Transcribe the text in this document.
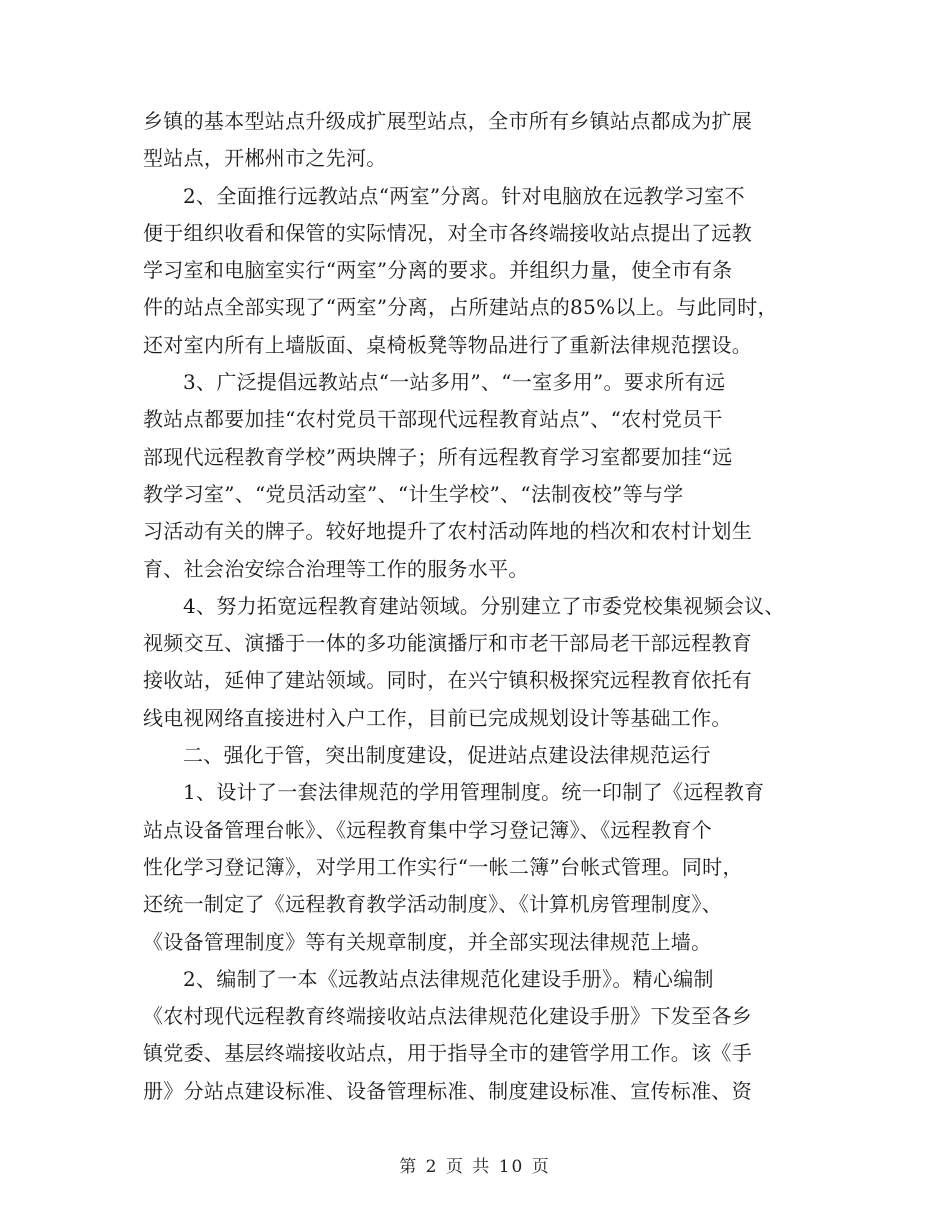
乡镇的基本型站点升级成扩展型站点，全市所有乡镇站点都成为扩展
型站点，开郴州市之先河。
2、全面推行远教站点“两室”分离。针对电脑放在远教学习室不
便于组织收看和保管的实际情况，对全市各终端接收站点提出了远教
学习室和电脑室实行“两室”分离的要求。并组织力量，使全市有条
件的站点全部实现了“两室”分离，占所建站点的85%以上。与此同时，
还对室内所有上墙版面、桌椅板凳等物品进行了重新法律规范摆设。
3、广泛提倡远教站点“一站多用”、“一室多用”。要求所有远
教站点都要加挂“农村党员干部现代远程教育站点”、“农村党员干
部现代远程教育学校”两块牌子；所有远程教育学习室都要加挂“远
教学习室”、“党员活动室”、“计生学校”、“法制夜校”等与学
习活动有关的牌子。较好地提升了农村活动阵地的档次和农村计划生
育、社会治安综合治理等工作的服务水平。
4、努力拓宽远程教育建站领域。分别建立了市委党校集视频会议、
视频交互、演播于一体的多功能演播厅和市老干部局老干部远程教育
接收站，延伸了建站领域。同时，在兴宁镇积极探究远程教育依托有
线电视网络直接进村入户工作，目前已完成规划设计等基础工作。
二、强化于管，突出制度建设，促进站点建设法律规范运行
1、设计了一套法律规范的学用管理制度。统一印制了《远程教育
站点设备管理台帐》、《远程教育集中学习登记簿》、《远程教育个
性化学习登记簿》，对学用工作实行“一帐二簿”台帐式管理。同时，
还统一制定了《远程教育教学活动制度》、《计算机房管理制度》、
《设备管理制度》等有关规章制度，并全部实现法律规范上墙。
2、编制了一本《远教站点法律规范化建设手册》。精心编制
《农村现代远程教育终端接收站点法律规范化建设手册》下发至各乡
镇党委、基层终端接收站点，用于指导全市的建管学用工作。该《手
册》分站点建设标准、设备管理标准、制度建设标准、宣传标准、资
第 2 页 共 10 页
